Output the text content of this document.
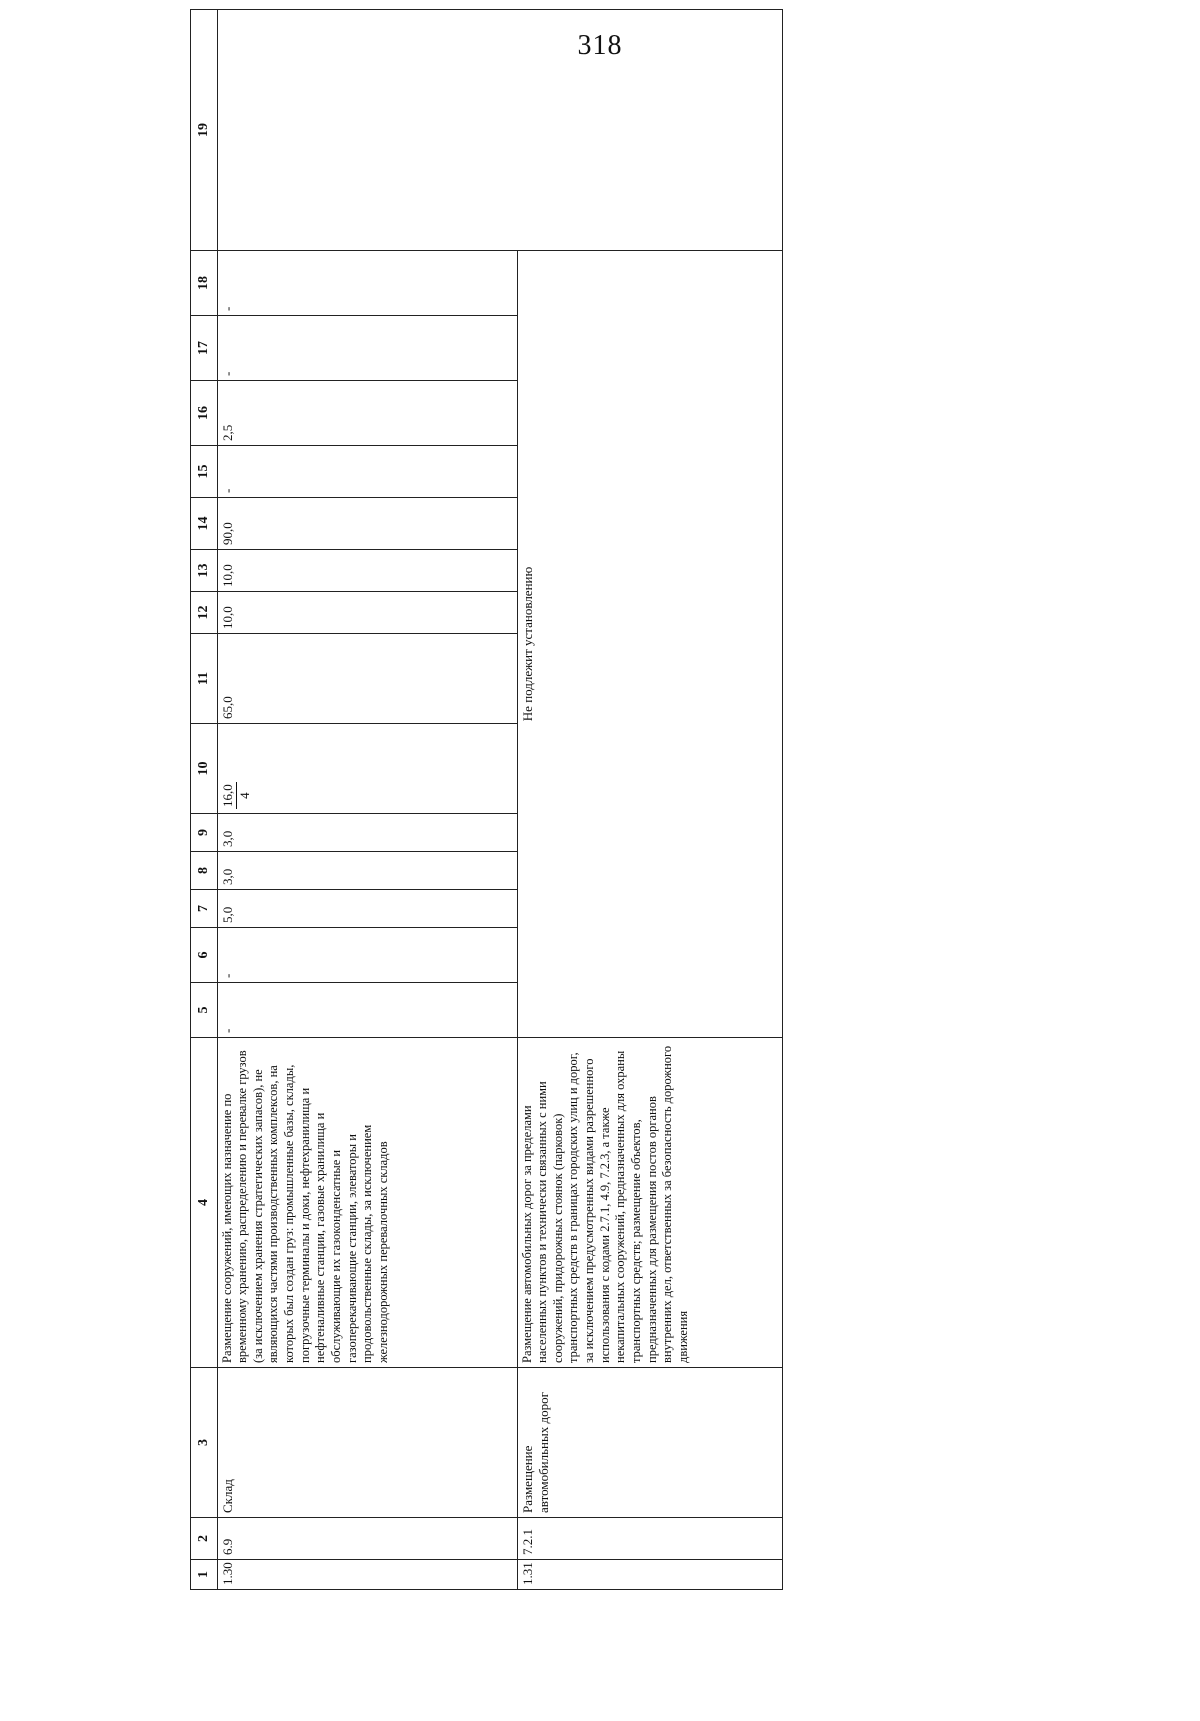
318
1	2	3	4	5	6	7	8	9	10	11	12	13	14	15	16	17	18	19
1.30	6.9	Склад	Размещение сооружений, имеющих назначение по временному хранению, распределению и перевалке грузов (за исключением хранения стратегических запасов), не являющихся частями производственных комплексов, на которых был создан груз: промышленные базы, склады, погрузочные терминалы и доки, нефтехранилища и нефтеналивные станции, газовые хранилища и обслуживающие их газоконденсатные и газоперекачивающие станции, элеваторы и продовольственные склады, за исключением железнодорожных перевалочных складов	-	-	5,0	3,0	3,0	16,0 4	65,0	10,0	10,0	90,0	-	2,5	-	-	
1.31	7.2.1	Размещение автомобильных дорог	Размещение автомобильных дорог за пределами населенных пунктов и технически связанных с ними сооружений, придорожных стоянок (парковок) транспортных средств в границах городских улиц и дорог, за исключением предусмотренных видами разрешенного использования с кодами 2.7.1, 4.9, 7.2.3, а также некапитальных сооружений, предназначенных для охраны транспортных средств; размещение объектов, предназначенных для размещения постов органов внутренних дел, ответственных за безопасность дорожного движения	Не подлежит установлению														
